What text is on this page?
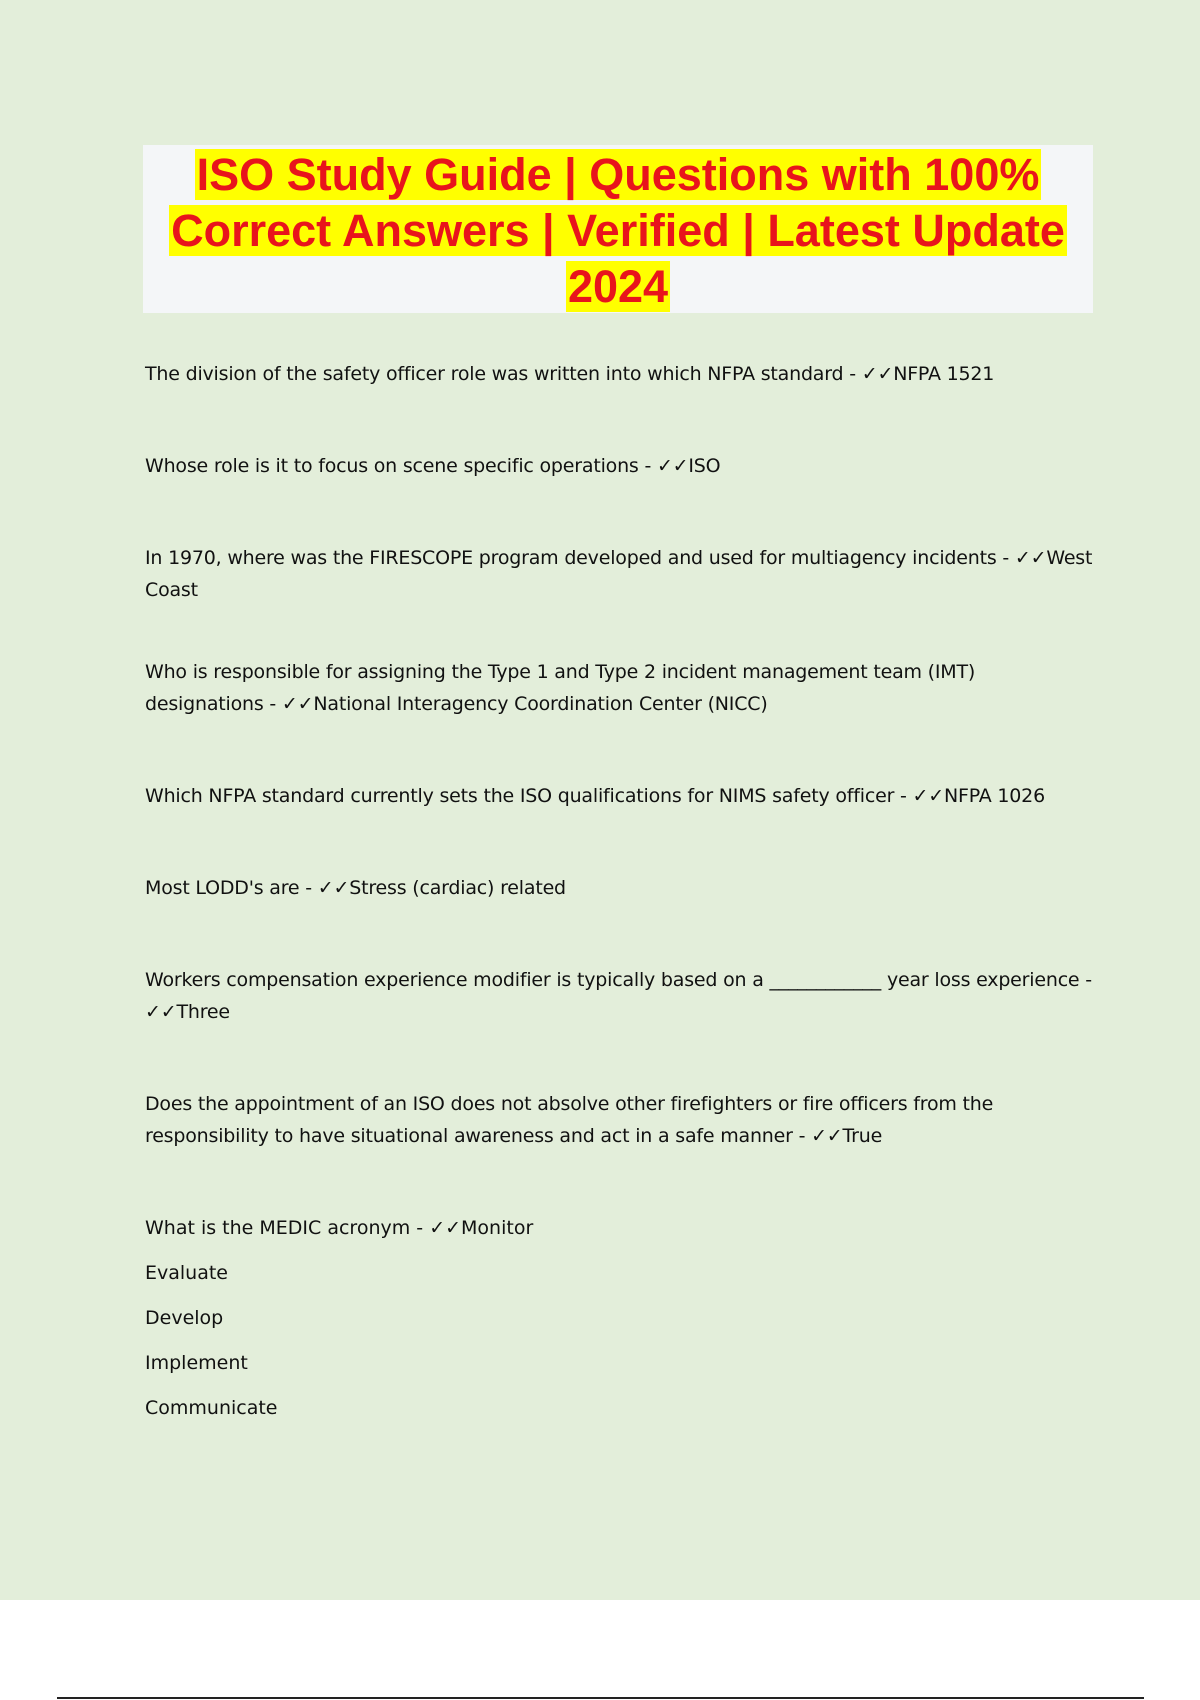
ISO Study Guide | Questions with 100% Correct Answers | Verified | Latest Update 2024

The division of the safety officer role was written into which NFPA standard - ✓✓NFPA 1521

Whose role is it to focus on scene specific operations - ✓✓ISO

In 1970, where was the FIRESCOPE program developed and used for multiagency incidents - ✓✓West Coast

Who is responsible for assigning the Type 1 and Type 2 incident management team (IMT) designations - ✓✓National Interagency Coordination Center (NICC)

Which NFPA standard currently sets the ISO qualifications for NIMS safety officer - ✓✓NFPA 1026

Most LODD's are - ✓✓Stress (cardiac) related

Workers compensation experience modifier is typically based on a ____________ year loss experience - ✓✓Three

Does the appointment of an ISO does not absolve other firefighters or fire officers from the responsibility to have situational awareness and act in a safe manner - ✓✓True

What is the MEDIC acronym - ✓✓Monitor
Evaluate
Develop
Implement
Communicate
